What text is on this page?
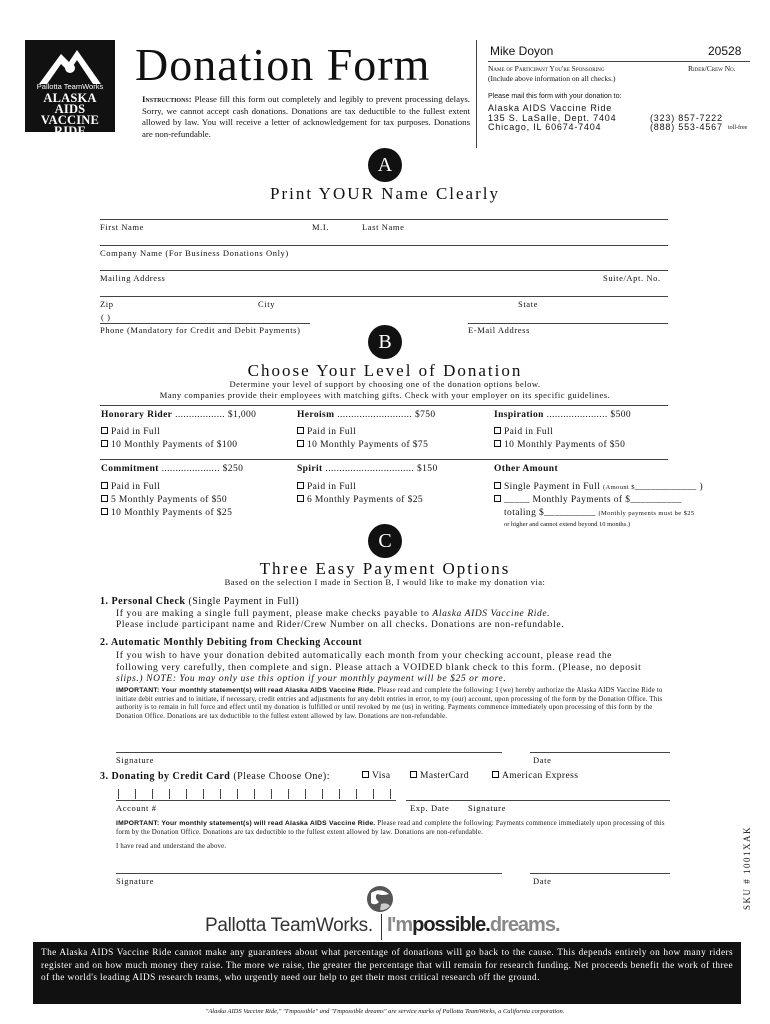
Pallotta TeamWorks
ALASKA
AIDS VACCINE
RIDE
Donation Form
Instructions: Please fill this form out completely and legibly to prevent processing delays. Sorry, we cannot accept cash donations. Donations are tax deductible to the fullest extent allowed by law. You will receive a letter of acknowledgement for tax purposes. Donations are non-refundable.
Mike Doyon	20528
Name of Participant You're Sponsoring	Rider/Crew No.
(Include above information on all checks.)
Please mail this form with your donation to:
Alaska AIDS Vaccine Ride
135 S. LaSalle, Dept. 7404
Chicago, IL 60674-7404
(323) 857-7222
(888) 553-4567 toll-free
A
Print YOUR Name Clearly
First Name	M.I.	Last Name
Company Name (For Business Donations Only)
Mailing Address	Suite/Apt. No.
Zip	City	State
( )
Phone (Mandatory for Credit and Debit Payments)	E-Mail Address
B
Choose Your Level of Donation
Determine your level of support by choosing one of the donation options below.
Many companies provide their employees with matching gifts. Check with your employer on its specific guidelines.
Honorary Rider .................. $1,000
Paid in Full
10 Monthly Payments of $100
Heroism ........................... $750
Paid in Full
10 Monthly Payments of $75
Inspiration ...................... $500
Paid in Full
10 Monthly Payments of $50
Commitment ..................... $250
Paid in Full
5 Monthly Payments of $50
10 Monthly Payments of $25
Spirit ................................ $150
Paid in Full
6 Monthly Payments of $25
Other Amount
Single Payment in Full (Amount $____________ )
_____ Monthly Payments of $__________
totaling $__________ (Monthly payments must be $25
or higher and cannot extend beyond 10 months.)
C
Three Easy Payment Options
Based on the selection I made in Section B, I would like to make my donation via:
1. Personal Check (Single Payment in Full)
If you are making a single full payment, please make checks payable to Alaska AIDS Vaccine Ride.
Please include participant name and Rider/Crew Number on all checks. Donations are non-refundable.
2. Automatic Monthly Debiting from Checking Account
If you wish to have your donation debited automatically each month from your checking account, please read the
following very carefully, then complete and sign. Please attach a VOIDED blank check to this form. (Please, no deposit
slips.) NOTE: You may only use this option if your monthly payment will be $25 or more.
IMPORTANT: Your monthly statement(s) will read Alaska AIDS Vaccine Ride. Please read and complete the following: I (we) hereby authorize the Alaska AIDS Vaccine Ride to initiate debit entries and to initiate, if necessary, credit entries and adjustments for any debit entries in error, to my (our) account, upon processing of the form by the Donation Office. This authority is to remain in full force and effect until my donation is fulfilled or until revoked by me (us) in writing. Payments commence immediately upon processing of this form by the Donation Office. Donations are tax deductible to the fullest extent allowed by law. Donations are non-refundable.
Signature	Date
3. Donating by Credit Card (Please Choose One):	Visa	MasterCard	American Express
Account #	Exp. Date Signature
IMPORTANT: Your monthly statement(s) will read Alaska AIDS Vaccine Ride. Please read and complete the following: Payments commence immediately upon processing of this form by the Donation Office. Donations are tax deductible to the fullest extent allowed by law. Donations are non-refundable.
I have read and understand the above.
Signature	Date
Pallotta TeamWorks. I'mpossible.dreams.
The Alaska AIDS Vaccine Ride cannot make any guarantees about what percentage of donations will go back to the cause. This depends entirely on how many riders register and on how much money they raise. The more we raise, the greater the percentage that will remain for research funding. Net proceeds benefit the work of three of the world's leading AIDS research teams, who urgently need our help to get their most critical research off the ground.
"Alaska AIDS Vaccine Ride," "I'mpossible" and "I'mpossible dreams" are service marks of Pallotta TeamWorks, a California corporation.
SKU # 1001XAK
